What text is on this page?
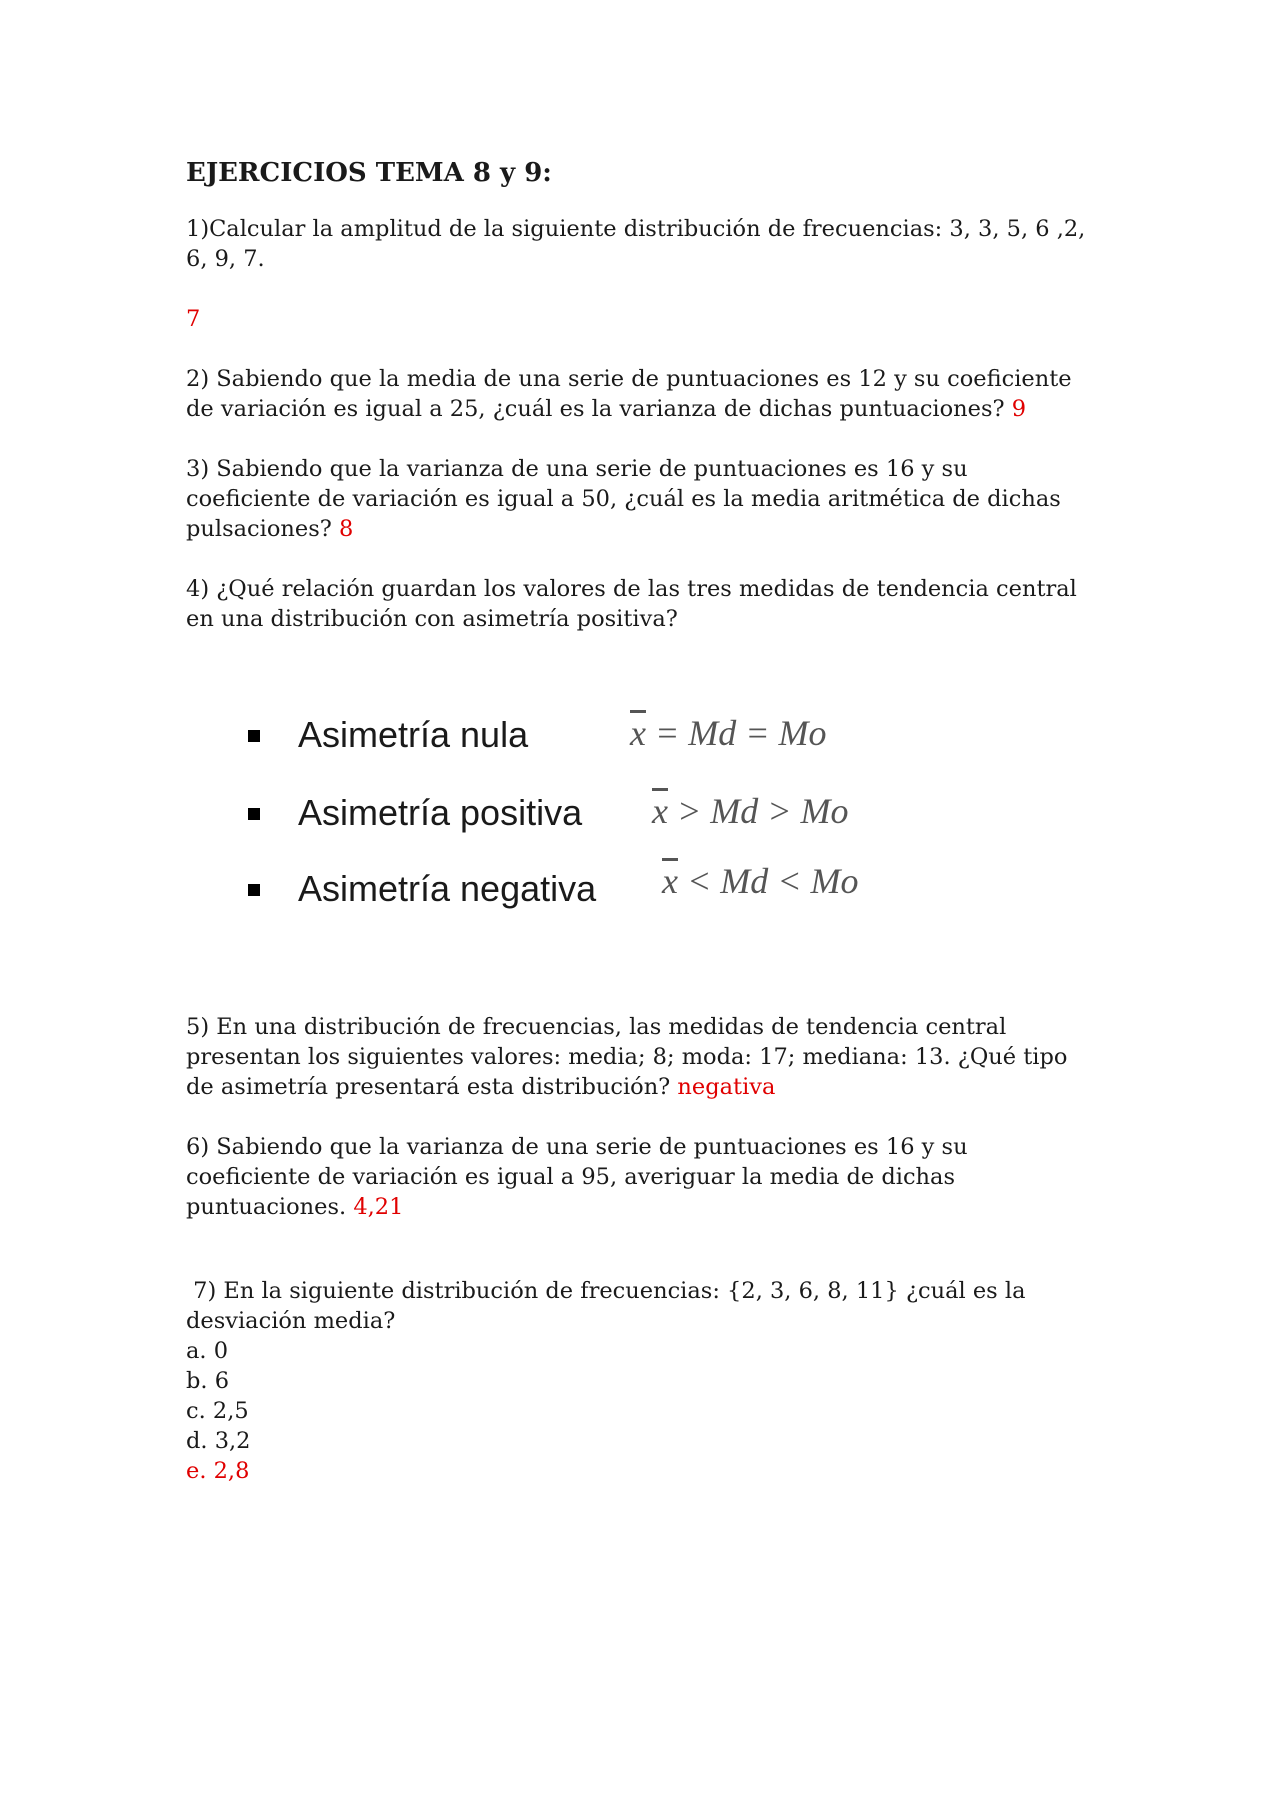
EJERCICIOS TEMA 8 y 9:

1)Calcular la amplitud de la siguiente distribución de frecuencias: 3, 3, 5, 6 ,2, 6, 9, 7.

7

2) Sabiendo que la media de una serie de puntuaciones es 12 y su coeficiente de variación es igual a 25, ¿cuál es la varianza de dichas puntuaciones? 9

3) Sabiendo que la varianza de una serie de puntuaciones es 16 y su coeficiente de variación es igual a 50, ¿cuál es la media aritmética de dichas pulsaciones? 8

4) ¿Qué relación guardan los valores de las tres medidas de tendencia central en una distribución con asimetría positiva?

Asimetría nula	$\overline{x} = Md = Mo$
Asimetría positiva $\overline{x} > Md > Mo$
Asimetría negativa $\overline{x} < Md < Mo$

5) En una distribución de frecuencias, las medidas de tendencia central presentan los siguientes valores: media; 8; moda: 17; mediana: 13. ¿Qué tipo de asimetría presentará esta distribución? negativa

6) Sabiendo que la varianza de una serie de puntuaciones es 16 y su coeficiente de variación es igual a 95, averiguar la media de dichas puntuaciones. 4,21

7) En la siguiente distribución de frecuencias: {2, 3, 6, 8, 11} ¿cuál es la desviación media?
a. 0
b. 6
c. 2,5
d. 3,2
e. 2,8
